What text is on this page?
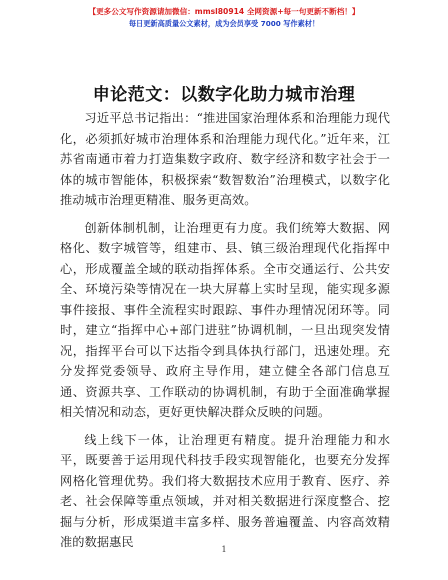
【更多公文写作资源请加微信：mmsl80914 全网资源+每一句更新不断档！】
每日更新高质量公文素材，成为会员享受 7000 写作素材！
申论范文：以数字化助力城市治理

习近平总书记指出：“推进国家治理体系和治理能力现代化，必须抓好城市治理体系和治理能力现代化。”近年来，江苏省南通市着力打造集数字政府、数字经济和数字社会于一体的城市智能体，积极探索“数智数治”治理模式，以数字化推动城市治理更精准、服务更高效。

创新体制机制，让治理更有力度。我们统筹大数据、网格化、数字城管等，组建市、县、镇三级治理现代化指挥中心，形成覆盖全域的联动指挥体系。全市交通运行、公共安全、环境污染等情况在一块大屏幕上实时呈现，能实现多源事件接报、事件全流程实时跟踪、事件办理情况闭环等。同时，建立“指挥中心+部门进驻”协调机制，一旦出现突发情况，指挥平台可以下达指令到具体执行部门，迅速处理。充分发挥党委领导、政府主导作用，建立健全各部门信息互通、资源共享、工作联动的协调机制，有助于全面准确掌握相关情况和动态，更好更快解决群众反映的问题。

线上线下一体，让治理更有精度。提升治理能力和水平，既要善于运用现代科技手段实现智能化，也要充分发挥网格化管理优势。我们将大数据技术应用于教育、医疗、养老、社会保障等重点领域，并对相关数据进行深度整合、挖掘与分析，形成渠道丰富多样、服务普遍覆盖、内容高效精准的数据惠民

1
